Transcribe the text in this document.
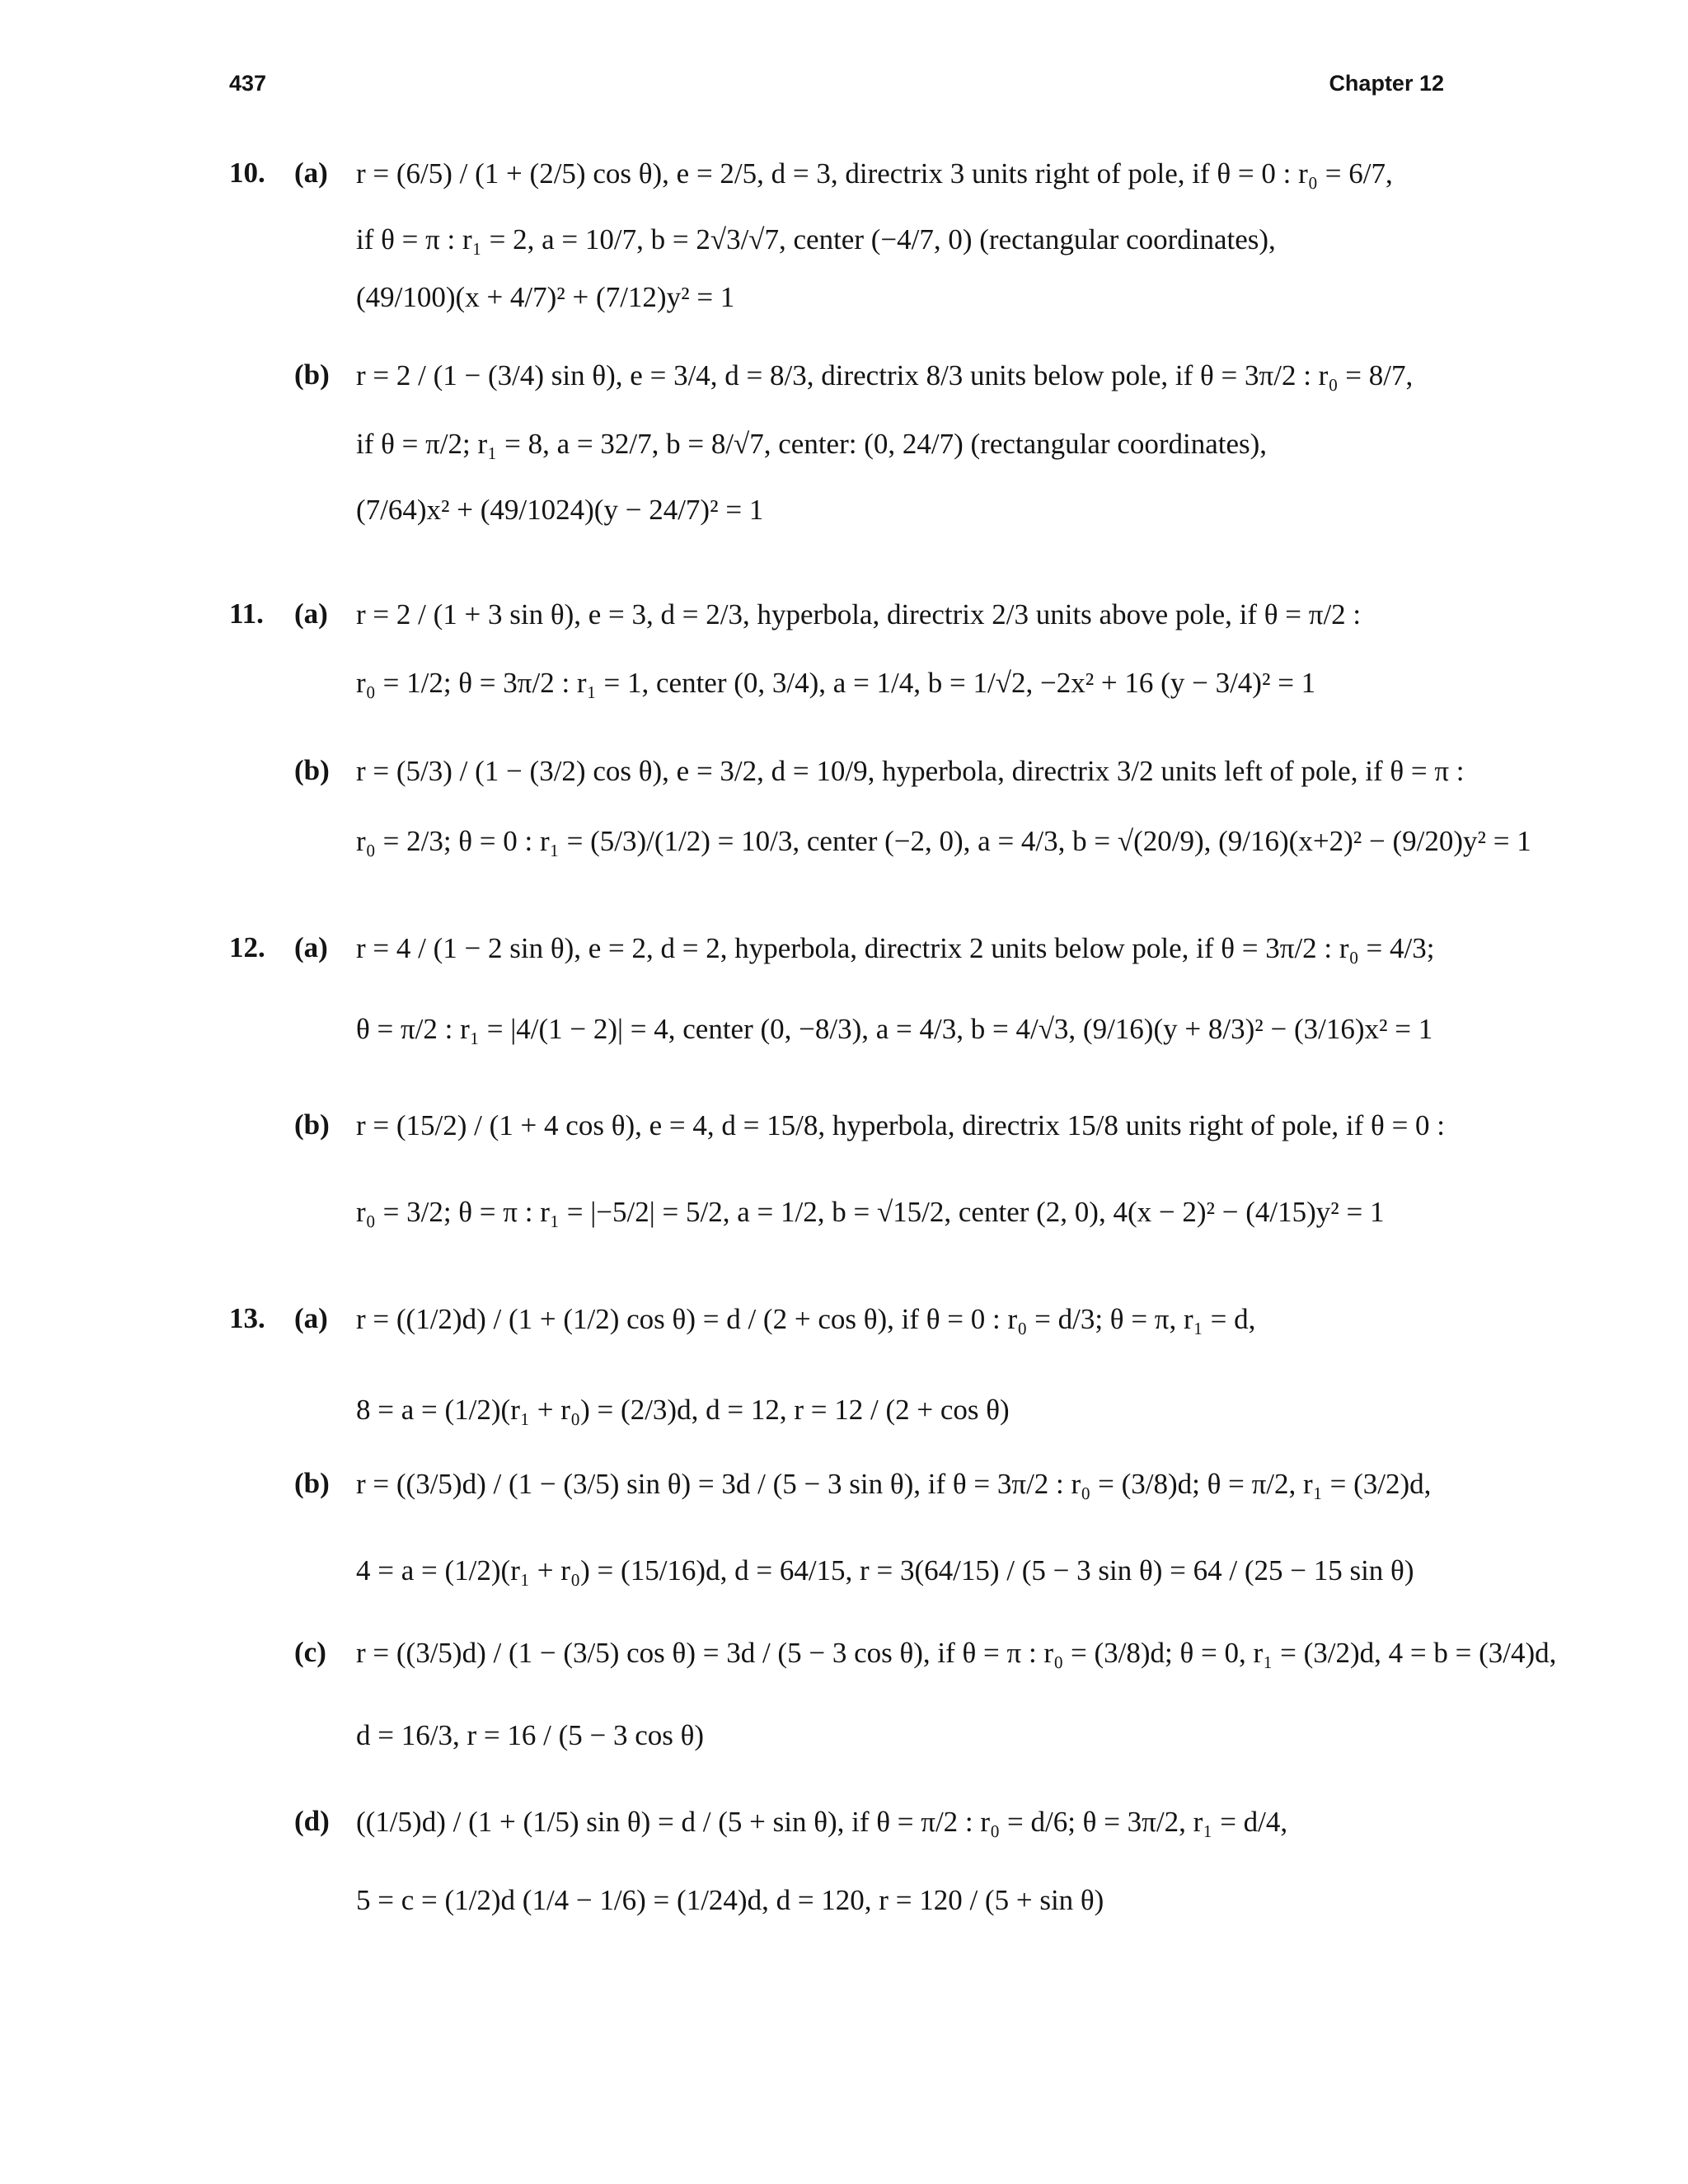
437	Chapter 12
10. (a) r = (6/5) / (1 + (2/5) cos θ), e = 2/5, d = 3, directrix 3 units right of pole, if θ = 0 : r₀ = 6/7,
if θ = π : r₁ = 2, a = 10/7, b = 2√3/√7, center (−4/7, 0) (rectangular coordinates),
(49/100)(x + 4/7)² + (7/12)y² = 1
(b) r = 2 / (1 − (3/4) sin θ), e = 3/4, d = 8/3, directrix 8/3 units below pole, if θ = 3π/2 : r₀ = 8/7,
if θ = π/2; r₁ = 8, a = 32/7, b = 8/√7, center: (0, 24/7) (rectangular coordinates),
(7/64)x² + (49/1024)(y − 24/7)² = 1
11. (a) r = 2 / (1 + 3 sin θ), e = 3, d = 2/3, hyperbola, directrix 2/3 units above pole, if θ = π/2 :
r₀ = 1/2; θ = 3π/2 : r₁ = 1, center (0, 3/4), a = 1/4, b = 1/√2, −2x² + 16 (y − 3/4)² = 1
(b) r = (5/3) / (1 − (3/2) cos θ), e = 3/2, d = 10/9, hyperbola, directrix 3/2 units left of pole, if θ = π :
r₀ = 2/3; θ = 0 : r₁ = (5/3)/(1/2) = 10/3, center (−2, 0), a = 4/3, b = √(20/9), (9/16)(x+2)² − (9/20)y² = 1
12. (a) r = 4 / (1 − 2 sin θ), e = 2, d = 2, hyperbola, directrix 2 units below pole, if θ = 3π/2 : r₀ = 4/3;
θ = π/2 : r₁ = |4/(1 − 2)| = 4, center (0, −8/3), a = 4/3, b = 4/√3, (9/16)(y + 8/3)² − (3/16)x² = 1
(b) r = (15/2) / (1 + 4 cos θ), e = 4, d = 15/8, hyperbola, directrix 15/8 units right of pole, if θ = 0 :
r₀ = 3/2; θ = π : r₁ = |−5/2| = 5/2, a = 1/2, b = √15/2, center (2, 0), 4(x − 2)² − (4/15)y² = 1
13. (a) r = ((1/2)d) / (1 + (1/2) cos θ) = d / (2 + cos θ), if θ = 0 : r₀ = d/3; θ = π, r₁ = d,
8 = a = (1/2)(r₁ + r₀) = (2/3)d, d = 12, r = 12 / (2 + cos θ)
(b) r = ((3/5)d) / (1 − (3/5) sin θ) = 3d / (5 − 3 sin θ), if θ = 3π/2 : r₀ = (3/8)d; θ = π/2, r₁ = (3/2)d,
4 = a = (1/2)(r₁ + r₀) = (15/16)d, d = 64/15, r = 3(64/15) / (5 − 3 sin θ) = 64 / (25 − 15 sin θ)
(c) r = ((3/5)d) / (1 − (3/5) cos θ) = 3d / (5 − 3 cos θ), if θ = π : r₀ = (3/8)d; θ = 0, r₁ = (3/2)d, 4 = b = (3/4)d,
d = 16/3, r = 16 / (5 − 3 cos θ)
(d) ((1/5)d) / (1 + (1/5) sin θ) = d / (5 + sin θ), if θ = π/2 : r₀ = d/6; θ = 3π/2, r₁ = d/4,
5 = c = (1/2)d (1/4 − 1/6) = (1/24)d, d = 120, r = 120 / (5 + sin θ)
